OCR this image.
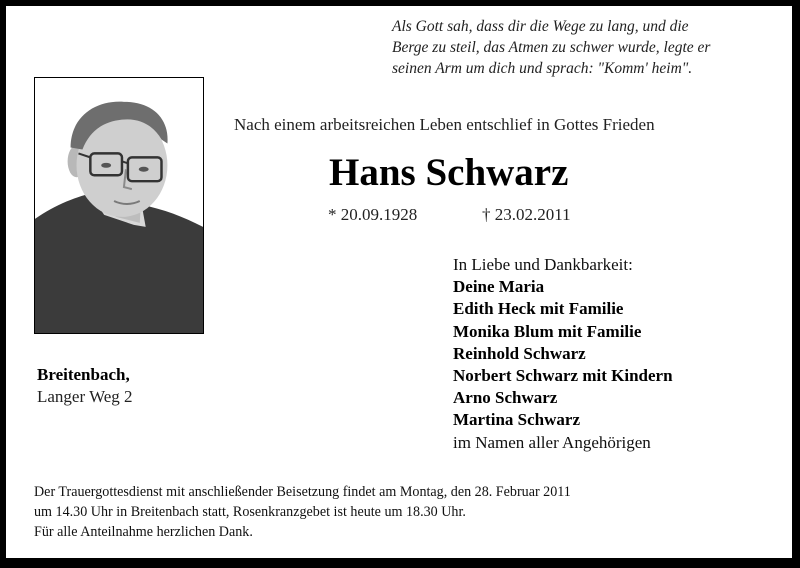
Als Gott sah, dass dir die Wege zu lang, und die
Berge zu steil, das Atmen zu schwer wurde, legte er
seinen Arm um dich und sprach: "Komm' heim".
Nach einem arbeitsreichen Leben entschlief in Gottes Frieden
Hans Schwarz
* 20.09.1928	† 23.02.2011
In Liebe und Dankbarkeit:
Deine Maria
Edith Heck mit Familie
Monika Blum mit Familie
Reinhold Schwarz
Norbert Schwarz mit Kindern
Arno Schwarz
Martina Schwarz
im Namen aller Angehörigen
Breitenbach,
Langer Weg 2
Der Trauergottesdienst mit anschließender Beisetzung findet am Montag, den 28. Februar 2011
um 14.30 Uhr in Breitenbach statt, Rosenkranzgebet ist heute um 18.30 Uhr.
Für alle Anteilnahme herzlichen Dank.
